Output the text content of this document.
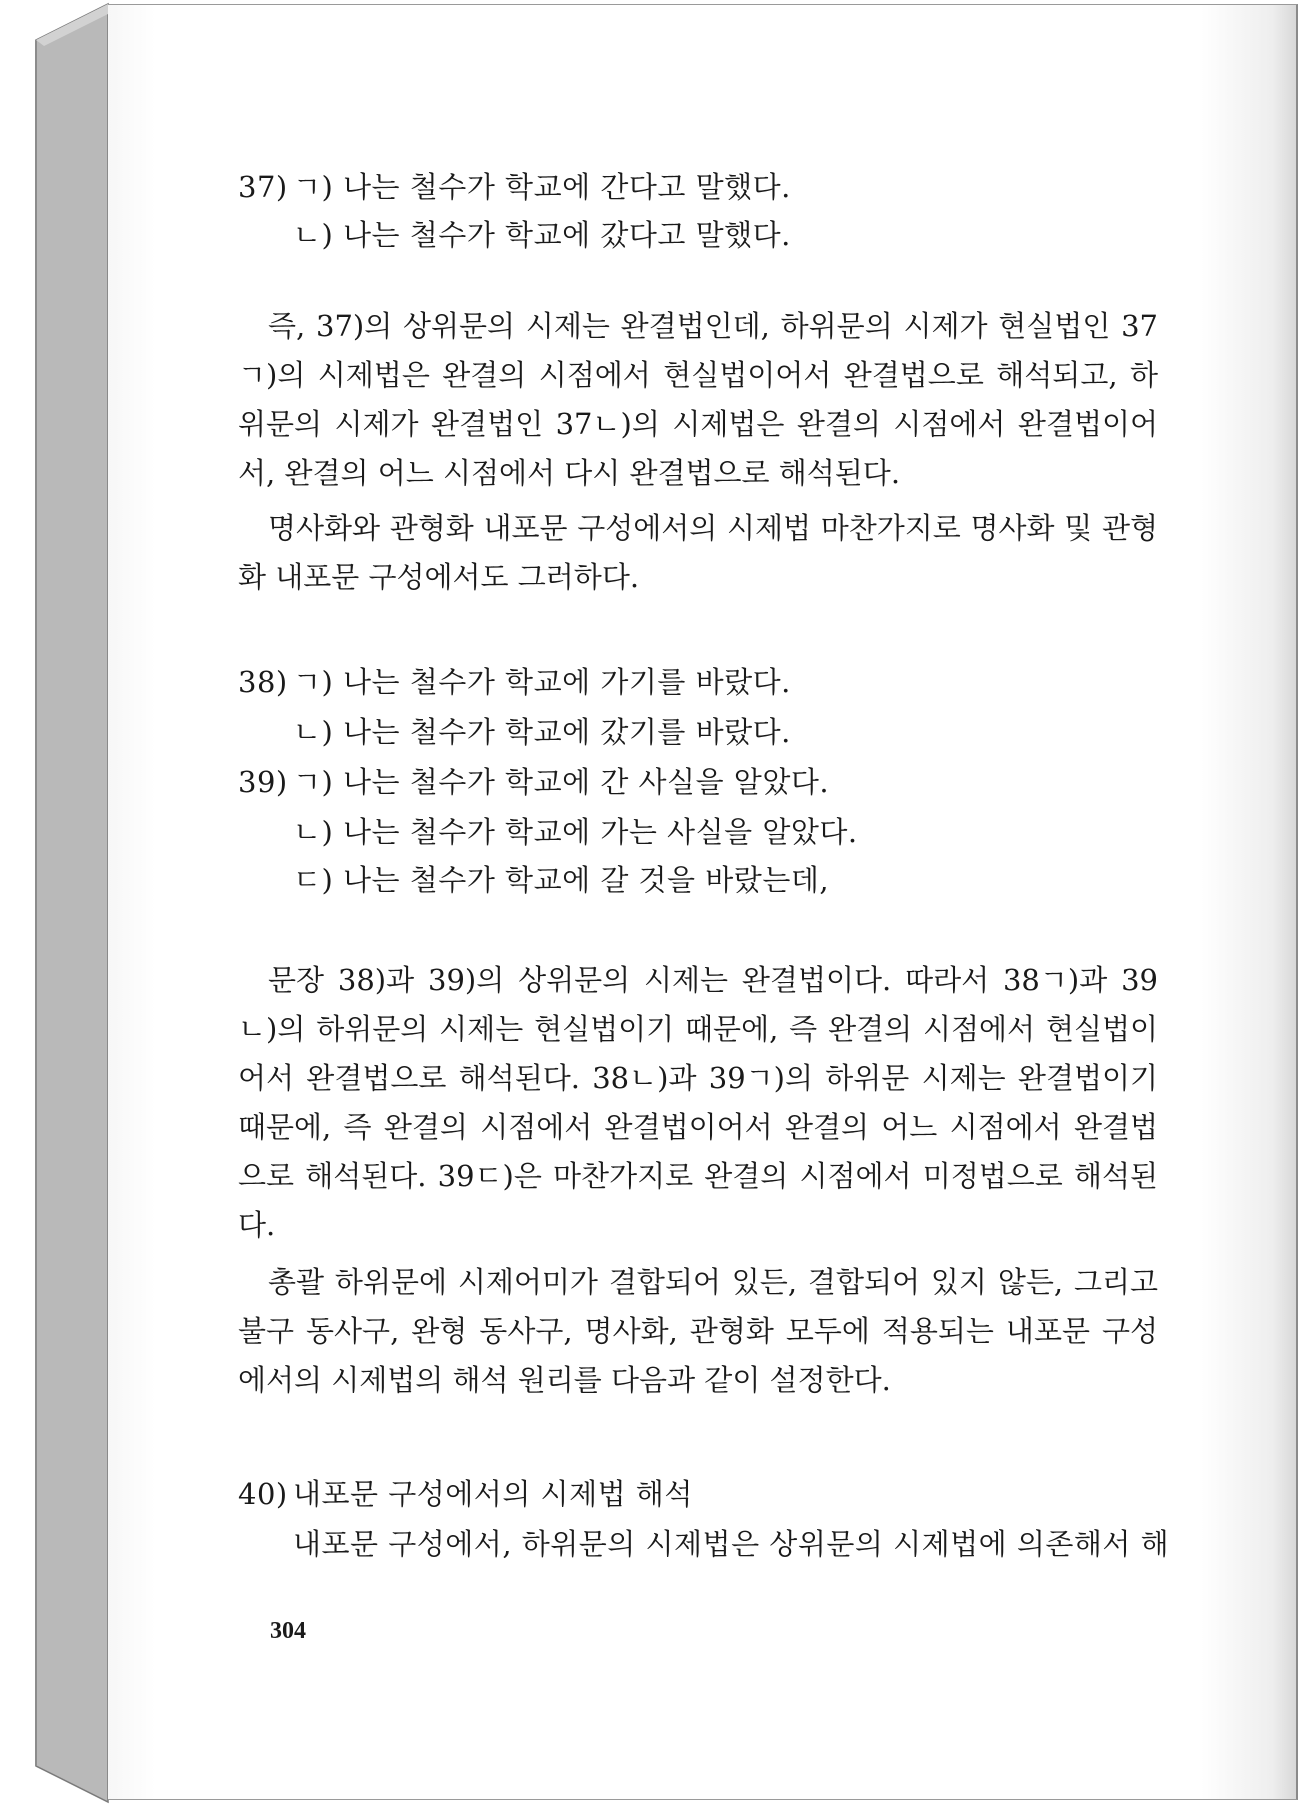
37) ㄱ) 나는 철수가 학교에 간다고 말했다.
ㄴ) 나는 철수가 학교에 갔다고 말했다.
즉, 37)의 상위문의 시제는 완결법인데, 하위문의 시제가 현실법인 37ㄱ)의 시제법은 완결의 시점에서 현실법이어서 완결법으로 해석되고, 하위문의 시제가 완결법인 37ㄴ)의 시제법은 완결의 시점에서 완결법이어서, 완결의 어느 시점에서 다시 완결법으로 해석된다.
명사화와 관형화 내포문 구성에서의 시제법 마찬가지로 명사화 및 관형화 내포문 구성에서도 그러하다.
38) ㄱ) 나는 철수가 학교에 가기를 바랐다.
ㄴ) 나는 철수가 학교에 갔기를 바랐다.
39) ㄱ) 나는 철수가 학교에 간 사실을 알았다.
ㄴ) 나는 철수가 학교에 가는 사실을 알았다.
ㄷ) 나는 철수가 학교에 갈 것을 바랐는데,
문장 38)과 39)의 상위문의 시제는 완결법이다. 따라서 38ㄱ)과 39ㄴ)의 하위문의 시제는 현실법이기 때문에, 즉 완결의 시점에서 현실법이어서 완결법으로 해석된다. 38ㄴ)과 39ㄱ)의 하위문 시제는 완결법이기 때문에, 즉 완결의 시점에서 완결법이어서 완결의 어느 시점에서 완결법으로 해석된다. 39ㄷ)은 마찬가지로 완결의 시점에서 미정법으로 해석된다.
총괄 하위문에 시제어미가 결합되어 있든, 결합되어 있지 않든, 그리고 불구 동사구, 완형 동사구, 명사화, 관형화 모두에 적용되는 내포문 구성에서의 시제법의 해석 원리를 다음과 같이 설정한다.
40) 내포문 구성에서의 시제법 해석
내포문 구성에서, 하위문의 시제법은 상위문의 시제법에 의존해서 해
304
